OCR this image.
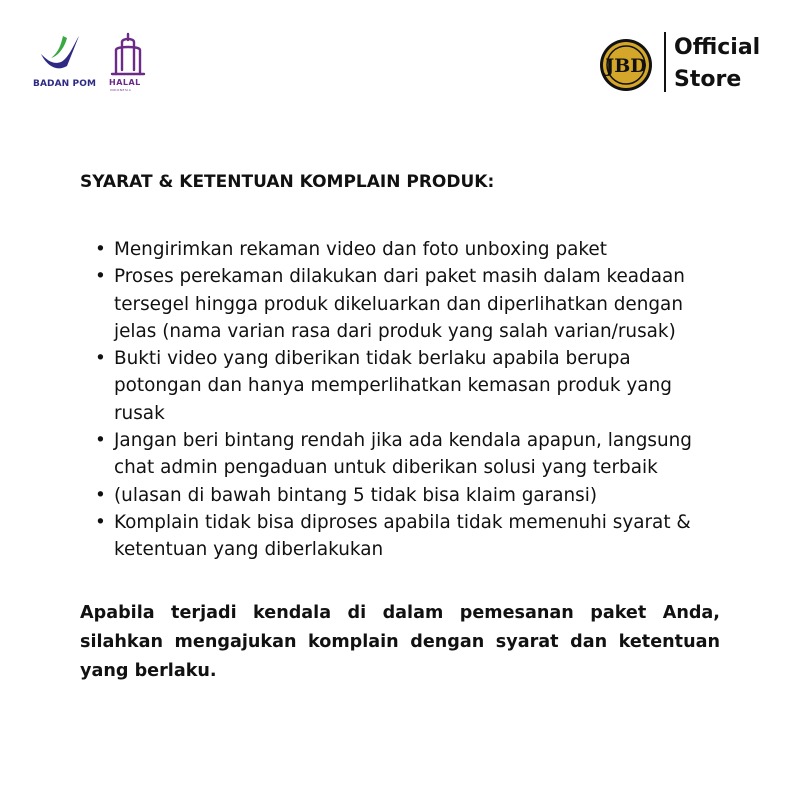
BADAN POM HALAL
INDONESIA
JBD
Official
Store
SYARAT & KETENTUAN KOMPLAIN PRODUK:
• Mengirimkan rekaman video dan foto unboxing paket
• Proses perekaman dilakukan dari paket masih dalam keadaan tersegel hingga produk dikeluarkan dan diperlihatkan dengan jelas (nama varian rasa dari produk yang salah varian/rusak)
• Bukti video yang diberikan tidak berlaku apabila berupa potongan dan hanya memperlihatkan kemasan produk yang rusak
• Jangan beri bintang rendah jika ada kendala apapun, langsung chat admin pengaduan untuk diberikan solusi yang terbaik
• (ulasan di bawah bintang 5 tidak bisa klaim garansi)
• Komplain tidak bisa diproses apabila tidak memenuhi syarat & ketentuan yang diberlakukan

Apabila terjadi kendala di dalam pemesanan paket Anda, silahkan mengajukan komplain dengan syarat dan ketentuan yang berlaku.
